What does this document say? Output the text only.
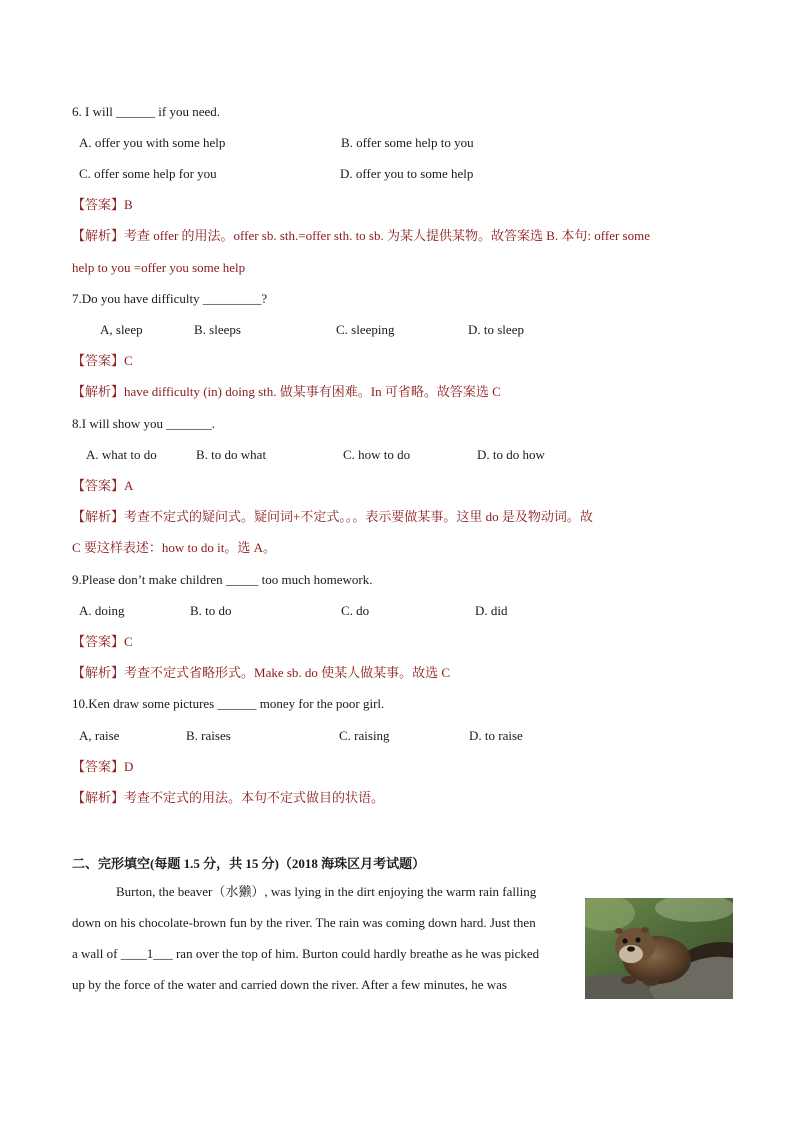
6. I will ______ if you need.
A. offer you with some help	B. offer some help to you
C. offer some help for you	D. offer you to some help
【答案】B
【解析】考查 offer 的用法。offer sb. sth.=offer sth. to sb. 为某人提供某物。故答案选 B. 本句: offer some
help to you =offer you some help
7.Do you have difficulty _________?
A, sleep	B. sleeps	C. sleeping	D. to sleep
【答案】C
【解析】have difficulty (in) doing sth. 做某事有困难。In 可省略。故答案选 C
8.I will show you _______.
A. what to do	B. to do what	C. how to do	D. to do how
【答案】A
【解析】考查不定式的疑问式。疑问词+不定式。。。表示要做某事。这里 do 是及物动词。故
C 要这样表述：how to do it。选 A。
9.Please don’t make children _____ too much homework.
A. doing	B. to do	C. do	D. did
【答案】C
【解析】考查不定式省略形式。Make sb. do 使某人做某事。故选 C
10.Ken draw some pictures ______ money for the poor girl.
A, raise	B. raises	C. raising	D. to raise
【答案】D
【解析】考查不定式的用法。本句不定式做目的状语。
二、完形填空(每题 1.5 分，共 15 分)（2018 海珠区月考试题）
Burton, the beaver（水獭）, was lying in the dirt enjoying the warm rain falling
down on his chocolate-brown fun by the river. The rain was coming down hard. Just then
a wall of ____1___ ran over the top of him. Burton could hardly breathe as he was picked
up by the force of the water and carried down the river. After a few minutes, he was
